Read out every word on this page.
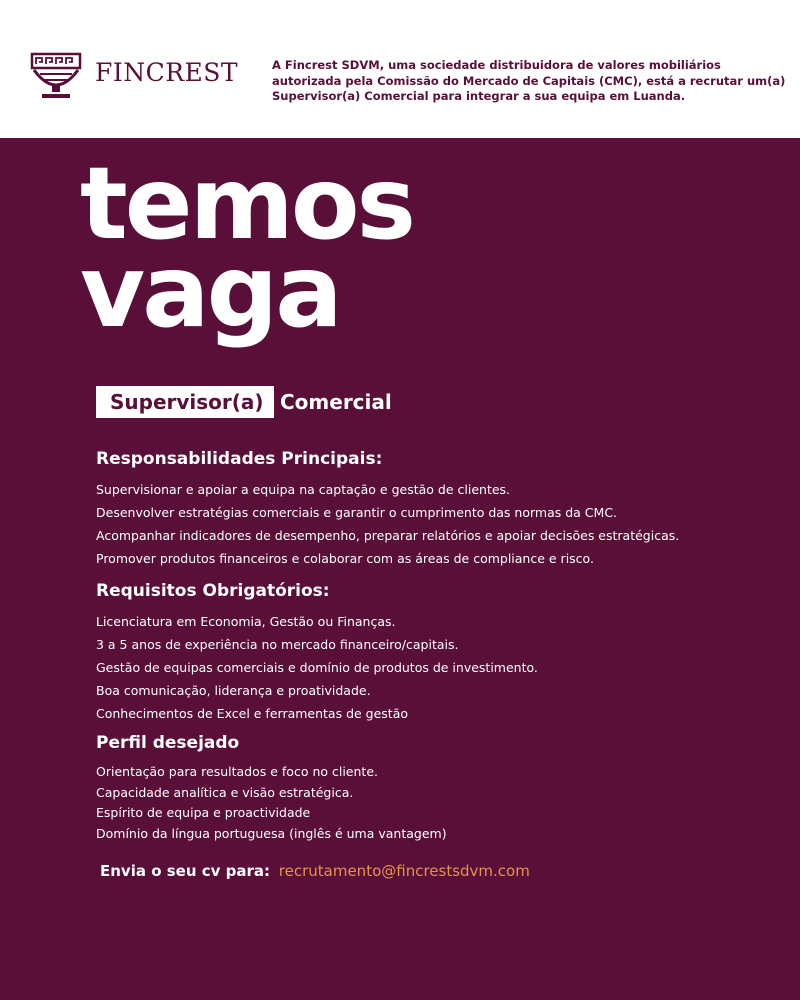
FINCREST	A Fincrest SDVM, uma sociedade distribuidora de valores mobiliários autorizada pela Comissão do Mercado de Capitais (CMC), está a recrutar um(a) Supervisor(a) Comercial para integrar a sua equipa em Luanda.
temos
vaga
Supervisor(a) Comercial
Responsabilidades Principais:
Supervisionar e apoiar a equipa na captação e gestão de clientes.
Desenvolver estratégias comerciais e garantir o cumprimento das normas da CMC.
Acompanhar indicadores de desempenho, preparar relatórios e apoiar decisões estratégicas.
Promover produtos financeiros e colaborar com as áreas de compliance e risco.
Requisitos Obrigatórios:
Licenciatura em Economia, Gestão ou Finanças.
3 a 5 anos de experiência no mercado financeiro/capitais.
Gestão de equipas comerciais e domínio de produtos de investimento.
Boa comunicação, liderança e proatividade.
Conhecimentos de Excel e ferramentas de gestão
Perfil desejado
Orientação para resultados e foco no cliente.
Capacidade analítica e visão estratégica.
Espírito de equipa e proactividade
Domínio da língua portuguesa (inglês é uma vantagem)
Envia o seu cv para: recrutamento@fincrestsdvm.com
